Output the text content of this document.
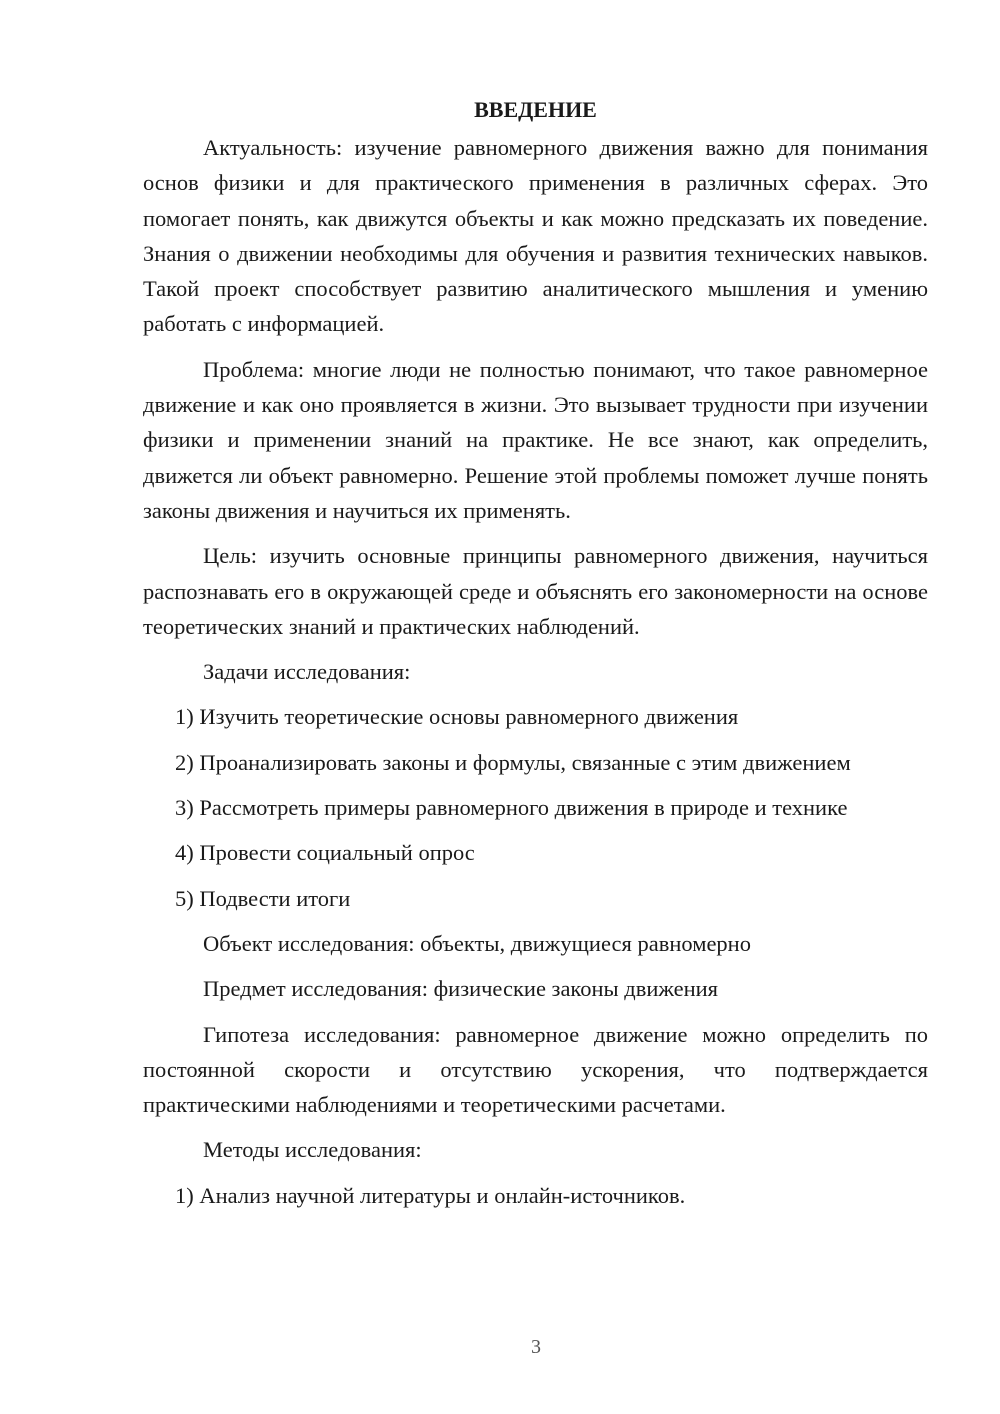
ВВЕДЕНИЕ

Актуальность: изучение равномерного движения важно для понимания основ физики и для практического применения в различных сферах. Это помогает понять, как движутся объекты и как можно предсказать их поведение. Знания о движении необходимы для обучения и развития технических навыков. Такой проект способствует развитию аналитического мышления и умению работать с информацией.

Проблема: многие люди не полностью понимают, что такое равномерное движение и как оно проявляется в жизни. Это вызывает трудности при изучении физики и применении знаний на практике. Не все знают, как определить, движется ли объект равномерно. Решение этой проблемы поможет лучше понять законы движения и научиться их применять.

Цель: изучить основные принципы равномерного движения, научиться распознавать его в окружающей среде и объяснять его закономерности на основе теоретических знаний и практических наблюдений.

Задачи исследования:

1) Изучить теоретические основы равномерного движения
2) Проанализировать законы и формулы, связанные с этим движением
3) Рассмотреть примеры равномерного движения в природе и технике
4) Провести социальный опрос
5) Подвести итоги

Объект исследования: объекты, движущиеся равномерно

Предмет исследования: физические законы движения

Гипотеза исследования: равномерное движение можно определить по постоянной скорости и отсутствию ускорения, что подтверждается практическими наблюдениями и теоретическими расчетами.

Методы исследования:

1) Анализ научной литературы и онлайн-источников.
3
